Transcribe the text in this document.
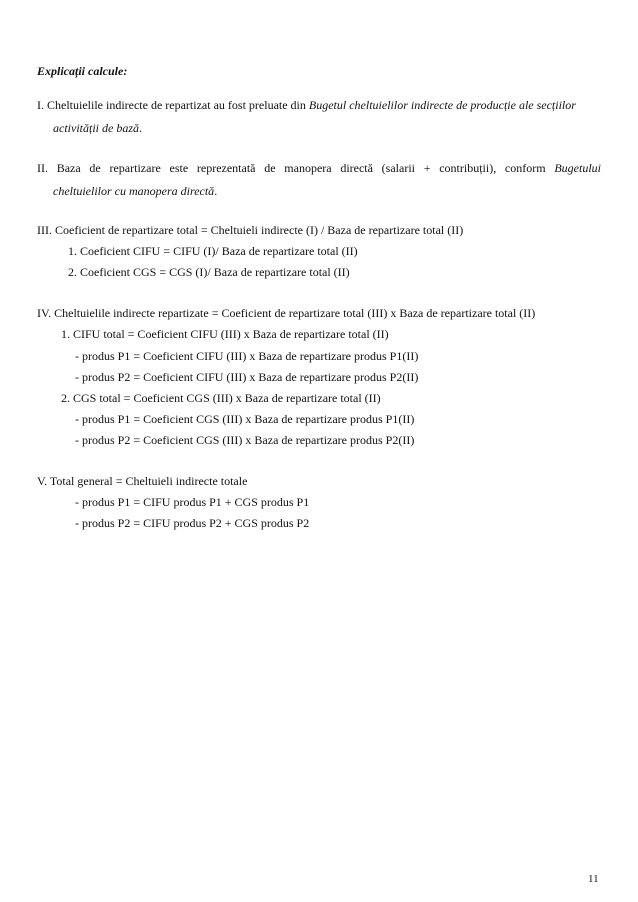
Explicații calcule:
I. Cheltuielile indirecte de repartizat au fost preluate din Bugetul cheltuielilor indirecte de producție ale secțiilor
activității de bază.
II. Baza de repartizare este reprezentată de manopera directă (salarii + contribuții), conform Bugetului
cheltuielilor cu manopera directă.
III. Coeficient de repartizare total = Cheltuieli indirecte (I) / Baza de repartizare total (II)
1. Coeficient CIFU = CIFU (I)/ Baza de repartizare total (II)
2. Coeficient CGS = CGS (I)/ Baza de repartizare total (II)
IV. Cheltuielile indirecte repartizate = Coeficient de repartizare total (III) x Baza de repartizare total (II)
1. CIFU total = Coeficient CIFU (III) x Baza de repartizare total (II)
- produs P1 = Coeficient CIFU (III) x Baza de repartizare produs P1(II)
- produs P2 = Coeficient CIFU (III) x Baza de repartizare produs P2(II)
2. CGS total = Coeficient CGS (III) x Baza de repartizare total (II)
- produs P1 = Coeficient CGS (III) x Baza de repartizare produs P1(II)
- produs P2 = Coeficient CGS (III) x Baza de repartizare produs P2(II)
V. Total general = Cheltuieli indirecte totale
- produs P1 = CIFU produs P1 + CGS produs P1
- produs P2 = CIFU produs P2 + CGS produs P2
11
